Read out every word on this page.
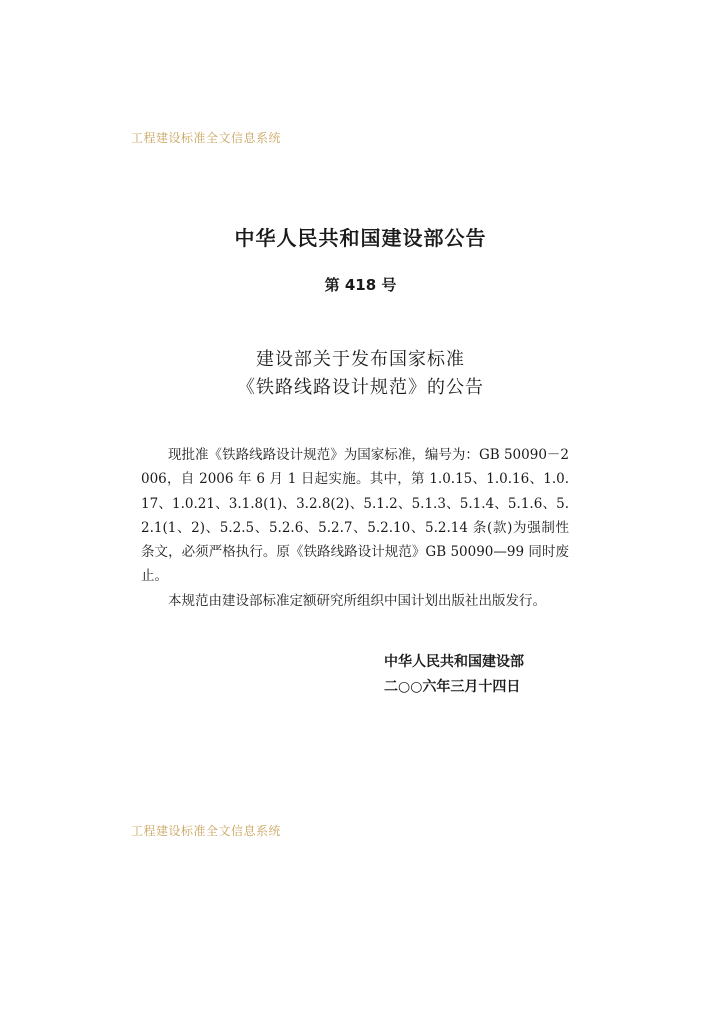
工程建设标准全文信息系统
中华人民共和国建设部公告
第 418 号
建设部关于发布国家标准
《铁路线路设计规范》的公告

现批准《铁路线路设计规范》为国家标准，编号为：GB 50090－2006，自 2006 年 6 月 1 日起实施。其中，第 1.0.15、1.0.16、1.0.17、1.0.21、3.1.8(1)、3.2.8(2)、5.1.2、5.1.3、5.1.4、5.1.6、5.2.1(1、2)、5.2.5、5.2.6、5.2.7、5.2.10、5.2.14 条(款)为强制性条文，必须严格执行。原《铁路线路设计规范》GB 50090—99 同时废止。

本规范由建设部标准定额研究所组织中国计划出版社出版发行。

中华人民共和国建设部
二○○六年三月十四日
工程建设标准全文信息系统
